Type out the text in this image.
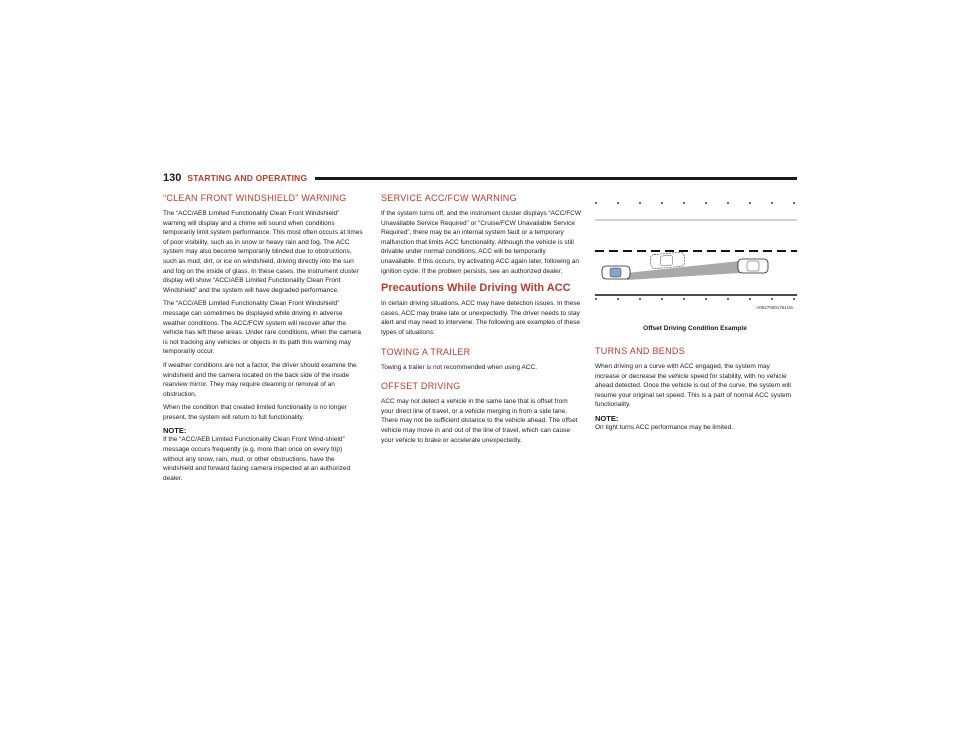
130 STARTING AND OPERATING
“CLEAN FRONT WINDSHIELD” WARNING

The “ACC/AEB Limited Functionality Clean Front Windshield” warning will display and a chime will sound when conditions temporarily limit system performance. This most often occurs at times of poor visibility, such as in snow or heavy rain and fog. The ACC system may also become temporarily blinded due to obstructions, such as mud, dirt, or ice on windshield, driving directly into the sun and fog on the inside of glass. In these cases, the instrument cluster display will show “ACC/AEB Limited Functionality Clean Front Windshield” and the system will have degraded performance.

The “ACC/AEB Limited Functionality Clean Front Windshield” message can sometimes be displayed while driving in adverse weather conditions. The ACC/FCW system will recover after the vehicle has left these areas. Under rare conditions, when the camera is not tracking any vehicles or objects in its path this warning may temporarily occur.

If weather conditions are not a factor, the driver should examine the windshield and the camera located on the back side of the inside rearview mirror. They may require cleaning or removal of an obstruction.

When the condition that created limited functionality is no longer present, the system will return to full functionality.

NOTE:

If the “ACC/AEB Limited Functionality Clean Front Wind-shield” message occurs frequently (e.g. more than once on every trip) without any snow, rain, mud, or other obstructions, have the windshield and forward facing camera inspected at an authorized dealer.

SERVICE ACC/FCW WARNING

If the system turns off, and the instrument cluster displays “ACC/FCW Unavailable Service Required” or “Cruise/FCW Unavailable Service Required”, there may be an internal system fault or a temporary malfunction that limits ACC functionality. Although the vehicle is still drivable under normal conditions, ACC will be temporarily unavailable. If this occurs, try activating ACC again later, following an ignition cycle. If the problem persists, see an authorized dealer.

Precautions While Driving With ACC

In certain driving situations, ACC may have detection issues. In these cases, ACC may brake late or unexpectedly. The driver needs to stay alert and may need to intervene. The following are examples of these types of situations:

TOWING A TRAILER

Towing a trailer is not recommended when using ACC.

OFFSET DRIVING

ACC may not detect a vehicle in the same lane that is offset from your direct line of travel, or a vehicle merging in from a side lane. There may not be sufficient distance to the vehicle ahead. The offset vehicle may move in and out of the line of travel, which can cause your vehicle to brake or accelerate unexpectedly.

A06270001761US
Offset Driving Condition Example
TURNS AND BENDS

When driving on a curve with ACC engaged, the system may increase or decrease the vehicle speed for stability, with no vehicle ahead detected. Once the vehicle is out of the curve, the system will resume your original set speed. This is a part of normal ACC system functionality.

NOTE:

On tight turns ACC performance may be limited.
